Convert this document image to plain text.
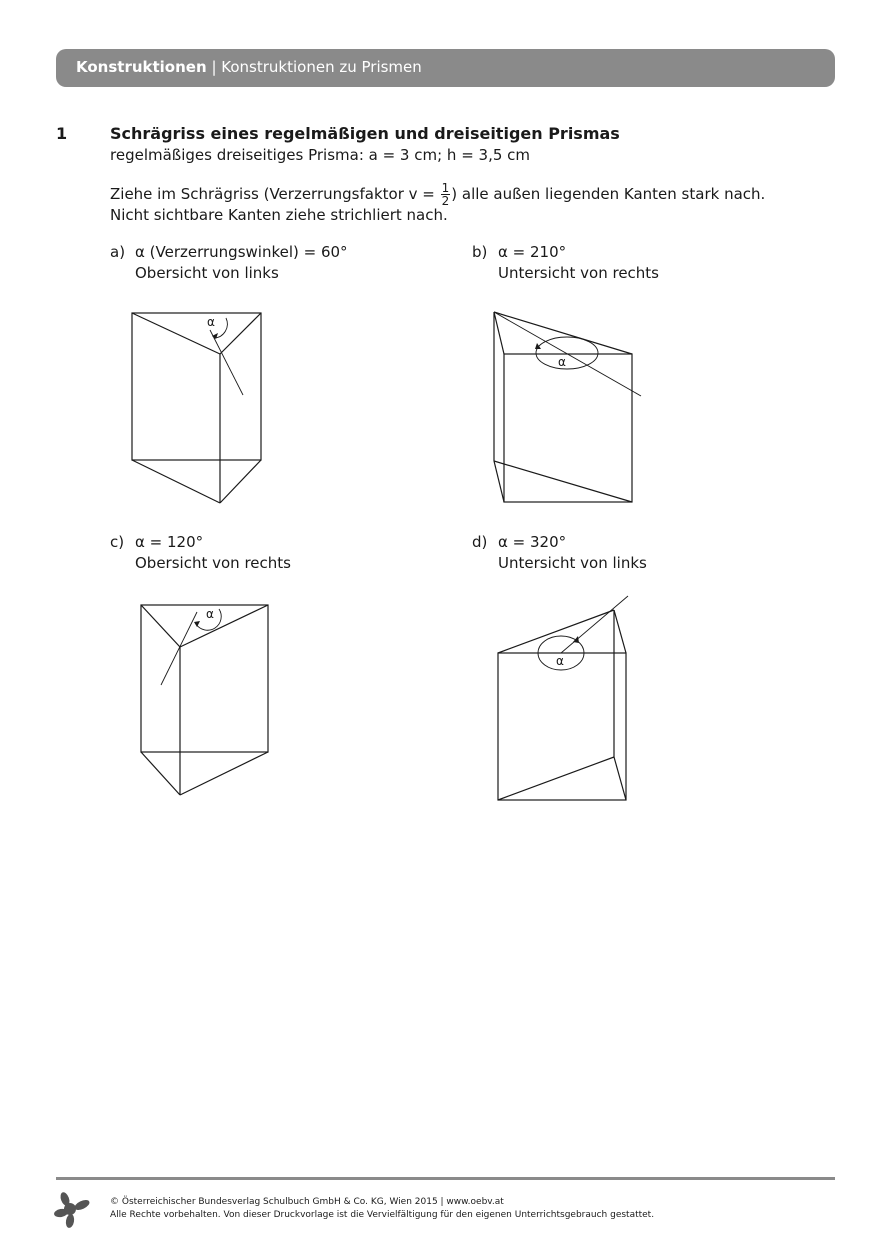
Konstruktionen | Konstruktionen zu Prismen
1	Schrägriss eines regelmäßigen und dreiseitigen Prismas
regelmäßiges dreiseitiges Prisma: a = 3 cm; h = 3,5 cm
Ziehe im Schrägriss (Verzerrungsfaktor $v = \frac{1}{2}$ ) alle außen liegenden Kanten stark nach.
Nicht sichtbare Kanten ziehe strichliert nach.
a) α (Verzerrungswinkel) = 60°
Obersicht von links
b) α = 210°
Untersicht von rechts
c) α = 120°
Obersicht von rechts
d) α = 320°
Untersicht von links
α
α
α
α
© Österreichischer Bundesverlag Schulbuch GmbH & Co. KG, Wien 2015 | www.oebv.at
Alle Rechte vorbehalten. Von dieser Druckvorlage ist die Vervielfältigung für den eigenen Unterrichtsgebrauch gestattet.
